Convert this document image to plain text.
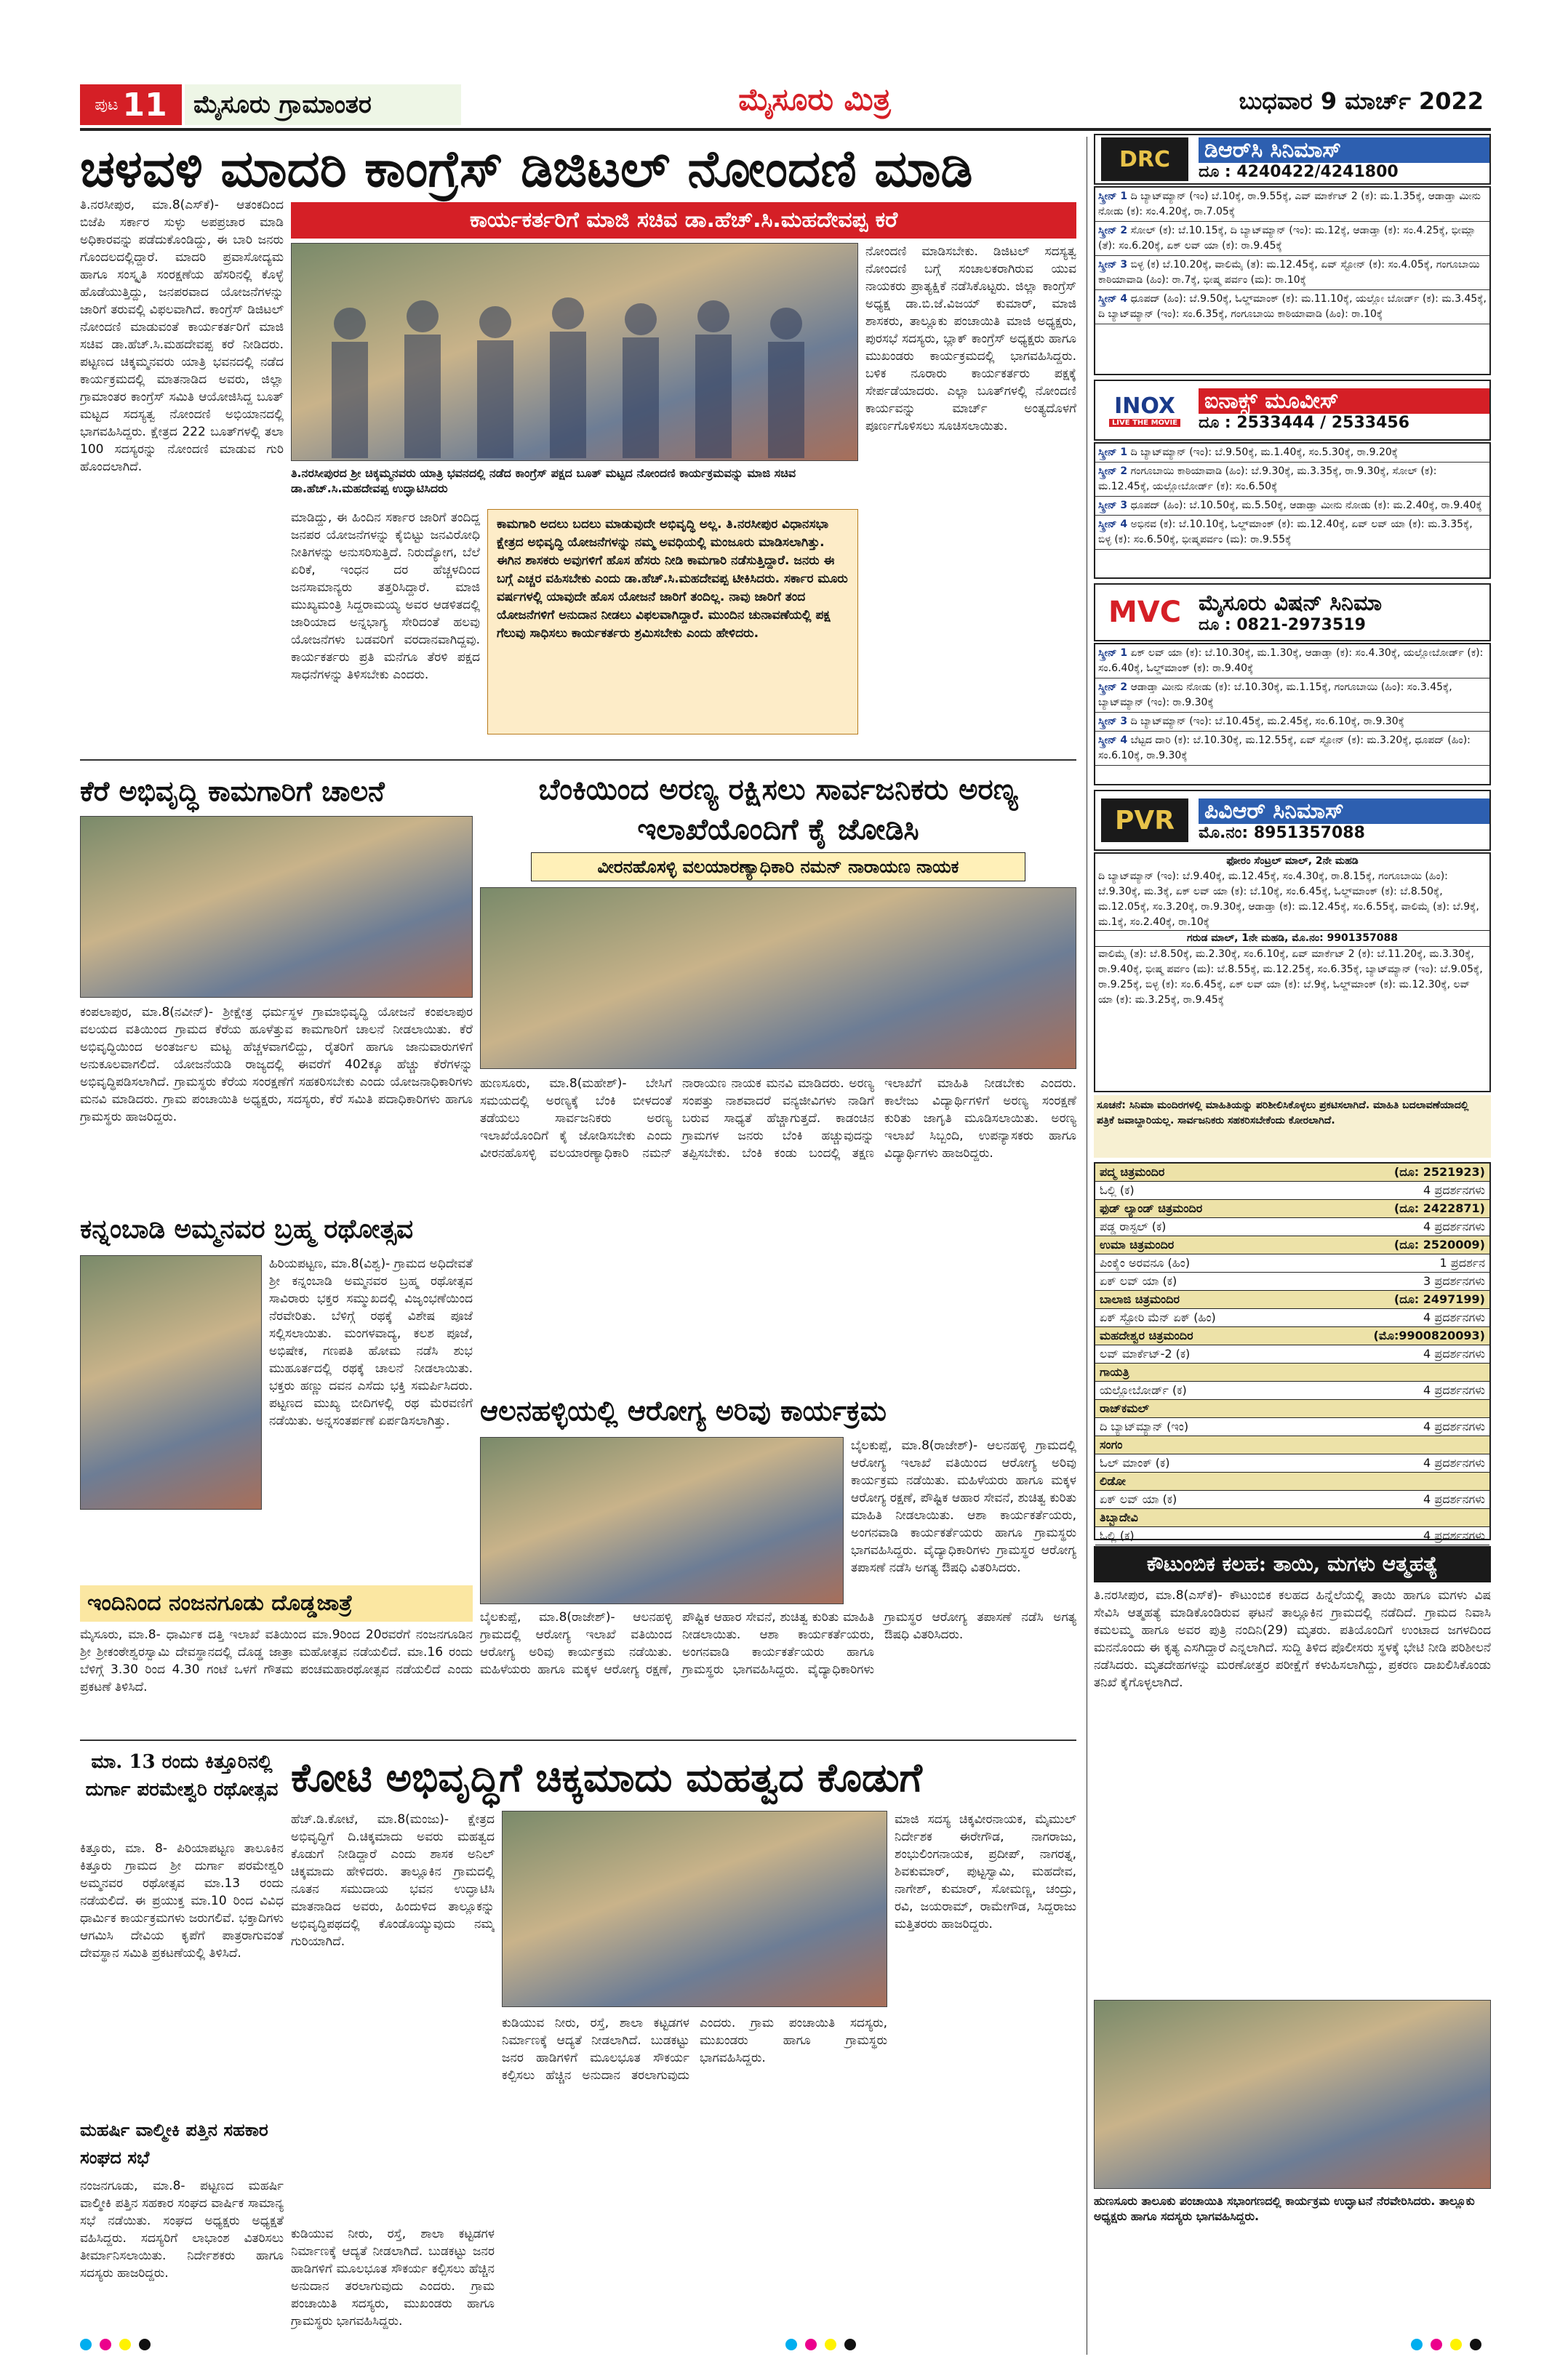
ಪುಟ 11	ಮೈಸೂರು ಗ್ರಾಮಾಂತರ	ಮೈಸೂರು ಮಿತ್ರ	ಬುಧವಾರ 9 ಮಾರ್ಚ್ 2022
ಚಳವಳಿ ಮಾದರಿ ಕಾಂಗ್ರೆಸ್ ಡಿಜಿಟಲ್ ನೋಂದಣಿ ಮಾಡಿ
ಕಾರ್ಯಕರ್ತರಿಗೆ ಮಾಜಿ ಸಚಿವ ಡಾ.ಹೆಚ್.ಸಿ.ಮಹದೇವಪ್ಪ ಕರೆ
ತಿ.ನರಸೀಪುರ, ಮಾ.8(ಎಸ್‌ಕೆ)- ಆತಂಕದಿಂದ ಬಿಜೆಪಿ ಸರ್ಕಾರ ಸುಳ್ಳು ಅಪಪ್ರಚಾರ ಮಾಡಿ ಅಧಿಕಾರವನ್ನು ಪಡೆದುಕೊಂಡಿದ್ದು, ಈ ಬಾರಿ ಜನರು ಗೊಂದಲದಲ್ಲಿದ್ದಾರೆ. ಮಾದರಿ ಪ್ರವಾಸೋದ್ಯಮ ಹಾಗೂ ಸಂಸ್ಕೃತಿ ಸಂರಕ್ಷಣೆಯ ಹೆಸರಿನಲ್ಲಿ ಕೊಳ್ಳೆ ಹೊಡೆಯುತ್ತಿದ್ದು, ಜನಪರವಾದ ಯೋಜನೆಗಳನ್ನು ಜಾರಿಗೆ ತರುವಲ್ಲಿ ವಿಫಲವಾಗಿದೆ. ಕಾಂಗ್ರೆಸ್ ಡಿಜಿಟಲ್ ನೋಂದಣಿ ಮಾಡುವಂತೆ ಕಾರ್ಯಕರ್ತರಿಗೆ ಮಾಜಿ ಸಚಿವ ಡಾ.ಹೆಚ್.ಸಿ.ಮಹದೇವಪ್ಪ ಕರೆ ನೀಡಿದರು. ಪಟ್ಟಣದ ಚಿಕ್ಕಮ್ಮನವರು ಯಾತ್ರಿ ಭವನದಲ್ಲಿ ನಡೆದ ಕಾರ್ಯಕ್ರಮದಲ್ಲಿ ಮಾತನಾಡಿದ ಅವರು, ಜಿಲ್ಲಾ ಗ್ರಾಮಾಂತರ ಕಾಂಗ್ರೆಸ್ ಸಮಿತಿ ಆಯೋಜಿಸಿದ್ದ ಬೂತ್ ಮಟ್ಟದ ಸದಸ್ಯತ್ವ ನೋಂದಣಿ ಅಭಿಯಾನದಲ್ಲಿ ಭಾಗವಹಿಸಿದ್ದರು. ಕ್ಷೇತ್ರದ 222 ಬೂತ್‌ಗಳಲ್ಲಿ ತಲಾ 100 ಸದಸ್ಯರನ್ನು ನೋಂದಣಿ ಮಾಡುವ ಗುರಿ ಹೊಂದಲಾಗಿದೆ.
ನೋಂದಣಿ ಮಾಡಿಸಬೇಕು. ಡಿಜಿಟಲ್ ಸದಸ್ಯತ್ವ ನೋಂದಣಿ ಬಗ್ಗೆ ಸಂಚಾಲಕರಾಗಿರುವ ಯುವ ನಾಯಕರು ಪ್ರಾತ್ಯಕ್ಷಿಕೆ ನಡೆಸಿಕೊಟ್ಟರು. ಜಿಲ್ಲಾ ಕಾಂಗ್ರೆಸ್ ಅಧ್ಯಕ್ಷ ಡಾ.ಬಿ.ಜೆ.ವಿಜಯ್ ಕುಮಾರ್, ಮಾಜಿ ಶಾಸಕರು, ತಾಲ್ಲೂಕು ಪಂಚಾಯಿತಿ ಮಾಜಿ ಅಧ್ಯಕ್ಷರು, ಪುರಸಭೆ ಸದಸ್ಯರು, ಬ್ಲಾಕ್ ಕಾಂಗ್ರೆಸ್ ಅಧ್ಯಕ್ಷರು ಹಾಗೂ ಮುಖಂಡರು ಕಾರ್ಯಕ್ರಮದಲ್ಲಿ ಭಾಗವಹಿಸಿದ್ದರು. ಬಳಿಕ ನೂರಾರು ಕಾರ್ಯಕರ್ತರು ಪಕ್ಷಕ್ಕೆ ಸೇರ್ಪಡೆಯಾದರು. ಎಲ್ಲಾ ಬೂತ್‌ಗಳಲ್ಲಿ ನೋಂದಣಿ ಕಾರ್ಯವನ್ನು ಮಾರ್ಚ್ ಅಂತ್ಯದೊಳಗೆ ಪೂರ್ಣಗೊಳಿಸಲು ಸೂಚಿಸಲಾಯಿತು.
ತಿ.ನರಸೀಪುರದ ಶ್ರೀ ಚಿಕ್ಕಮ್ಮನವರು ಯಾತ್ರಿ ಭವನದಲ್ಲಿ ನಡೆದ ಕಾಂಗ್ರೆಸ್ ಪಕ್ಷದ ಬೂತ್ ಮಟ್ಟದ ನೋಂದಣಿ ಕಾರ್ಯಕ್ರಮವನ್ನು ಮಾಜಿ ಸಚಿವ ಡಾ.ಹೆಚ್.ಸಿ.ಮಹದೇವಪ್ಪ ಉದ್ಘಾಟಿಸಿದರು
ಮಾಡಿದ್ದು, ಈ ಹಿಂದಿನ ಸರ್ಕಾರ ಜಾರಿಗೆ ತಂದಿದ್ದ ಜನಪರ ಯೋಜನೆಗಳನ್ನು ಕೈಬಿಟ್ಟು ಜನವಿರೋಧಿ ನೀತಿಗಳನ್ನು ಅನುಸರಿಸುತ್ತಿದೆ. ನಿರುದ್ಯೋಗ, ಬೆಲೆ ಏರಿಕೆ, ಇಂಧನ ದರ ಹೆಚ್ಚಳದಿಂದ ಜನಸಾಮಾನ್ಯರು ತತ್ತರಿಸಿದ್ದಾರೆ. ಮಾಜಿ ಮುಖ್ಯಮಂತ್ರಿ ಸಿದ್ದರಾಮಯ್ಯ ಅವರ ಆಡಳಿತದಲ್ಲಿ ಜಾರಿಯಾದ ಅನ್ನಭಾಗ್ಯ ಸೇರಿದಂತೆ ಹಲವು ಯೋಜನೆಗಳು ಬಡವರಿಗೆ ವರದಾನವಾಗಿದ್ದವು. ಕಾರ್ಯಕರ್ತರು ಪ್ರತಿ ಮನೆಗೂ ತೆರಳಿ ಪಕ್ಷದ ಸಾಧನೆಗಳನ್ನು ತಿಳಿಸಬೇಕು ಎಂದರು.
ಕಾಮಗಾರಿ ಅದಲು ಬದಲು ಮಾಡುವುದೇ ಅಭಿವೃದ್ಧಿ ಅಲ್ಲ. ತಿ.ನರಸೀಪುರ ವಿಧಾನಸಭಾ ಕ್ಷೇತ್ರದ ಅಭಿವೃದ್ಧಿ ಯೋಜನೆಗಳನ್ನು ನಮ್ಮ ಅವಧಿಯಲ್ಲಿ ಮಂಜೂರು ಮಾಡಿಸಲಾಗಿತ್ತು. ಈಗಿನ ಶಾಸಕರು ಅವುಗಳಿಗೆ ಹೊಸ ಹೆಸರು ನೀಡಿ ಕಾಮಗಾರಿ ನಡೆಸುತ್ತಿದ್ದಾರೆ. ಜನರು ಈ ಬಗ್ಗೆ ಎಚ್ಚರ ವಹಿಸಬೇಕು ಎಂದು ಡಾ.ಹೆಚ್.ಸಿ.ಮಹದೇವಪ್ಪ ಟೀಕಿಸಿದರು. ಸರ್ಕಾರ ಮೂರು ವರ್ಷಗಳಲ್ಲಿ ಯಾವುದೇ ಹೊಸ ಯೋಜನೆ ಜಾರಿಗೆ ತಂದಿಲ್ಲ. ನಾವು ಜಾರಿಗೆ ತಂದ ಯೋಜನೆಗಳಿಗೆ ಅನುದಾನ ನೀಡಲು ವಿಫಲವಾಗಿದ್ದಾರೆ. ಮುಂದಿನ ಚುನಾವಣೆಯಲ್ಲಿ ಪಕ್ಷ ಗೆಲುವು ಸಾಧಿಸಲು ಕಾರ್ಯಕರ್ತರು ಶ್ರಮಿಸಬೇಕು ಎಂದು ಹೇಳಿದರು.
ಕೆರೆ ಅಭಿವೃದ್ಧಿ ಕಾಮಗಾರಿಗೆ ಚಾಲನೆ
ಕಂಪಲಾಪುರ, ಮಾ.8(ನವೀನ್)- ಶ್ರೀಕ್ಷೇತ್ರ ಧರ್ಮಸ್ಥಳ ಗ್ರಾಮಾಭಿವೃದ್ಧಿ ಯೋಜನೆ ಕಂಪಲಾಪುರ ವಲಯದ ವತಿಯಿಂದ ಗ್ರಾಮದ ಕೆರೆಯ ಹೂಳೆತ್ತುವ ಕಾಮಗಾರಿಗೆ ಚಾಲನೆ ನೀಡಲಾಯಿತು. ಕೆರೆ ಅಭಿವೃದ್ಧಿಯಿಂದ ಅಂತರ್ಜಲ ಮಟ್ಟ ಹೆಚ್ಚಳವಾಗಲಿದ್ದು, ರೈತರಿಗೆ ಹಾಗೂ ಜಾನುವಾರುಗಳಿಗೆ ಅನುಕೂಲವಾಗಲಿದೆ. ಯೋಜನೆಯಡಿ ರಾಜ್ಯದಲ್ಲಿ ಈವರೆಗೆ 402ಕ್ಕೂ ಹೆಚ್ಚು ಕೆರೆಗಳನ್ನು ಅಭಿವೃದ್ಧಿಪಡಿಸಲಾಗಿದೆ. ಗ್ರಾಮಸ್ಥರು ಕೆರೆಯ ಸಂರಕ್ಷಣೆಗೆ ಸಹಕರಿಸಬೇಕು ಎಂದು ಯೋಜನಾಧಿಕಾರಿಗಳು ಮನವಿ ಮಾಡಿದರು. ಗ್ರಾಮ ಪಂಚಾಯಿತಿ ಅಧ್ಯಕ್ಷರು, ಸದಸ್ಯರು, ಕೆರೆ ಸಮಿತಿ ಪದಾಧಿಕಾರಿಗಳು ಹಾಗೂ ಗ್ರಾಮಸ್ಥರು ಹಾಜರಿದ್ದರು.
ಬೆಂಕಿಯಿಂದ ಅರಣ್ಯ ರಕ್ಷಿಸಲು ಸಾರ್ವಜನಿಕರು ಅರಣ್ಯ ಇಲಾಖೆಯೊಂದಿಗೆ ಕೈ ಜೋಡಿಸಿ
ವೀರನಹೊಸಳ್ಳಿ ವಲಯಾರಣ್ಯಾಧಿಕಾರಿ ನಮನ್ ನಾರಾಯಣ ನಾಯಕ
ಹುಣಸೂರು, ಮಾ.8(ಮಹೇಶ್)- ಬೇಸಿಗೆ ಸಮಯದಲ್ಲಿ ಅರಣ್ಯಕ್ಕೆ ಬೆಂಕಿ ಬೀಳದಂತೆ ತಡೆಯಲು ಸಾರ್ವಜನಿಕರು ಅರಣ್ಯ ಇಲಾಖೆಯೊಂದಿಗೆ ಕೈ ಜೋಡಿಸಬೇಕು ಎಂದು ವೀರನಹೊಸಳ್ಳಿ ವಲಯಾರಣ್ಯಾಧಿಕಾರಿ ನಮನ್ ನಾರಾಯಣ ನಾಯಕ ಮನವಿ ಮಾಡಿದರು. ಅರಣ್ಯ ಸಂಪತ್ತು ನಾಶವಾದರೆ ವನ್ಯಜೀವಿಗಳು ನಾಡಿಗೆ ಬರುವ ಸಾಧ್ಯತೆ ಹೆಚ್ಚಾಗುತ್ತದೆ. ಕಾಡಂಚಿನ ಗ್ರಾಮಗಳ ಜನರು ಬೆಂಕಿ ಹಚ್ಚುವುದನ್ನು ತಪ್ಪಿಸಬೇಕು. ಬೆಂಕಿ ಕಂಡು ಬಂದಲ್ಲಿ ತಕ್ಷಣ ಇಲಾಖೆಗೆ ಮಾಹಿತಿ ನೀಡಬೇಕು ಎಂದರು. ಕಾಲೇಜು ವಿದ್ಯಾರ್ಥಿಗಳಿಗೆ ಅರಣ್ಯ ಸಂರಕ್ಷಣೆ ಕುರಿತು ಜಾಗೃತಿ ಮೂಡಿಸಲಾಯಿತು. ಅರಣ್ಯ ಇಲಾಖೆ ಸಿಬ್ಬಂದಿ, ಉಪನ್ಯಾಸಕರು ಹಾಗೂ ವಿದ್ಯಾರ್ಥಿಗಳು ಹಾಜರಿದ್ದರು.
ಕನ್ನಂಬಾಡಿ ಅಮ್ಮನವರ ಬ್ರಹ್ಮ ರಥೋತ್ಸವ
ಹಿರಿಯಪಟ್ಟಣ, ಮಾ.8(ವಿಶ್ವ)- ಗ್ರಾಮದ ಅಧಿದೇವತೆ ಶ್ರೀ ಕನ್ನಂಬಾಡಿ ಅಮ್ಮನವರ ಬ್ರಹ್ಮ ರಥೋತ್ಸವ ಸಾವಿರಾರು ಭಕ್ತರ ಸಮ್ಮುಖದಲ್ಲಿ ವಿಜೃಂಭಣೆಯಿಂದ ನೆರವೇರಿತು. ಬೆಳಿಗ್ಗೆ ರಥಕ್ಕೆ ವಿಶೇಷ ಪೂಜೆ ಸಲ್ಲಿಸಲಾಯಿತು. ಮಂಗಳವಾದ್ಯ, ಕಲಶ ಪೂಜೆ, ಅಭಿಷೇಕ, ಗಣಪತಿ ಹೋಮ ನಡೆಸಿ ಶುಭ ಮುಹೂರ್ತದಲ್ಲಿ ರಥಕ್ಕೆ ಚಾಲನೆ ನೀಡಲಾಯಿತು. ಭಕ್ತರು ಹಣ್ಣು ದವನ ಎಸೆದು ಭಕ್ತಿ ಸಮರ್ಪಿಸಿದರು. ಪಟ್ಟಣದ ಮುಖ್ಯ ಬೀದಿಗಳಲ್ಲಿ ರಥ ಮೆರವಣಿಗೆ ನಡೆಯಿತು. ಅನ್ನಸಂತರ್ಪಣೆ ಏರ್ಪಡಿಸಲಾಗಿತ್ತು.
ಇಂದಿನಿಂದ ನಂಜನಗೂಡು ದೊಡ್ಡಜಾತ್ರೆ
ಮೈಸೂರು, ಮಾ.8- ಧಾರ್ಮಿಕ ದತ್ತಿ ಇಲಾಖೆ ವತಿಯಿಂದ ಮಾ.9ರಿಂದ 20ರವರೆಗೆ ನಂಜನಗೂಡಿನ ಶ್ರೀ ಶ್ರೀಕಂಠೇಶ್ವರಸ್ವಾಮಿ ದೇವಸ್ಥಾನದಲ್ಲಿ ದೊಡ್ಡ ಜಾತ್ರಾ ಮಹೋತ್ಸವ ನಡೆಯಲಿದೆ. ಮಾ.16 ರಂದು ಬೆಳಿಗ್ಗೆ 3.30 ರಿಂದ 4.30 ಗಂಟೆ ಒಳಗೆ ಗೌತಮ ಪಂಚಮಹಾರಥೋತ್ಸವ ನಡೆಯಲಿದೆ ಎಂದು ಪ್ರಕಟಣೆ ತಿಳಿಸಿದೆ.
ಆಲನಹಳ್ಳಿಯಲ್ಲಿ ಆರೋಗ್ಯ ಅರಿವು ಕಾರ್ಯಕ್ರಮ
ಬೈಲಕುಪ್ಪೆ, ಮಾ.8(ರಾಜೇಶ್)- ಆಲನಹಳ್ಳಿ ಗ್ರಾಮದಲ್ಲಿ ಆರೋಗ್ಯ ಇಲಾಖೆ ವತಿಯಿಂದ ಆರೋಗ್ಯ ಅರಿವು ಕಾರ್ಯಕ್ರಮ ನಡೆಯಿತು. ಮಹಿಳೆಯರು ಹಾಗೂ ಮಕ್ಕಳ ಆರೋಗ್ಯ ರಕ್ಷಣೆ, ಪೌಷ್ಟಿಕ ಆಹಾರ ಸೇವನೆ, ಶುಚಿತ್ವ ಕುರಿತು ಮಾಹಿತಿ ನೀಡಲಾಯಿತು. ಆಶಾ ಕಾರ್ಯಕರ್ತೆಯರು, ಅಂಗನವಾಡಿ ಕಾರ್ಯಕರ್ತೆಯರು ಹಾಗೂ ಗ್ರಾಮಸ್ಥರು ಭಾಗವಹಿಸಿದ್ದರು. ವೈದ್ಯಾಧಿಕಾರಿಗಳು ಗ್ರಾಮಸ್ಥರ ಆರೋಗ್ಯ ತಪಾಸಣೆ ನಡೆಸಿ ಅಗತ್ಯ ಔಷಧಿ ವಿತರಿಸಿದರು.
ಬೈಲಕುಪ್ಪೆ, ಮಾ.8(ರಾಜೇಶ್)- ಆಲನಹಳ್ಳಿ ಗ್ರಾಮದಲ್ಲಿ ಆರೋಗ್ಯ ಇಲಾಖೆ ವತಿಯಿಂದ ಆರೋಗ್ಯ ಅರಿವು ಕಾರ್ಯಕ್ರಮ ನಡೆಯಿತು. ಮಹಿಳೆಯರು ಹಾಗೂ ಮಕ್ಕಳ ಆರೋಗ್ಯ ರಕ್ಷಣೆ, ಪೌಷ್ಟಿಕ ಆಹಾರ ಸೇವನೆ, ಶುಚಿತ್ವ ಕುರಿತು ಮಾಹಿತಿ ನೀಡಲಾಯಿತು. ಆಶಾ ಕಾರ್ಯಕರ್ತೆಯರು, ಅಂಗನವಾಡಿ ಕಾರ್ಯಕರ್ತೆಯರು ಹಾಗೂ ಗ್ರಾಮಸ್ಥರು ಭಾಗವಹಿಸಿದ್ದರು. ವೈದ್ಯಾಧಿಕಾರಿಗಳು ಗ್ರಾಮಸ್ಥರ ಆರೋಗ್ಯ ತಪಾಸಣೆ ನಡೆಸಿ ಅಗತ್ಯ ಔಷಧಿ ವಿತರಿಸಿದರು.
ಮಾ. 13 ರಂದು ಕಿತ್ತೂರಿನಲ್ಲಿ ದುರ್ಗಾ ಪರಮೇಶ್ವರಿ ರಥೋತ್ಸವ
ಕಿತ್ತೂರು, ಮಾ. 8- ಪಿರಿಯಾಪಟ್ಟಣ ತಾಲೂಕಿನ ಕಿತ್ತೂರು ಗ್ರಾಮದ ಶ್ರೀ ದುರ್ಗಾ ಪರಮೇಶ್ವರಿ ಅಮ್ಮನವರ ರಥೋತ್ಸವ ಮಾ.13 ರಂದು ನಡೆಯಲಿದೆ. ಈ ಪ್ರಯುಕ್ತ ಮಾ.10 ರಿಂದ ವಿವಿಧ ಧಾರ್ಮಿಕ ಕಾರ್ಯಕ್ರಮಗಳು ಜರುಗಲಿವೆ. ಭಕ್ತಾದಿಗಳು ಆಗಮಿಸಿ ದೇವಿಯ ಕೃಪೆಗೆ ಪಾತ್ರರಾಗುವಂತೆ ದೇವಸ್ಥಾನ ಸಮಿತಿ ಪ್ರಕಟಣೆಯಲ್ಲಿ ತಿಳಿಸಿದೆ.
ಮಹರ್ಷಿ ವಾಲ್ಮೀಕಿ ಪತ್ತಿನ ಸಹಕಾರ ಸಂಘದ ಸಭೆ
ನಂಜನಗೂಡು, ಮಾ.8- ಪಟ್ಟಣದ ಮಹರ್ಷಿ ವಾಲ್ಮೀಕಿ ಪತ್ತಿನ ಸಹಕಾರ ಸಂಘದ ವಾರ್ಷಿಕ ಸಾಮಾನ್ಯ ಸಭೆ ನಡೆಯಿತು. ಸಂಘದ ಅಧ್ಯಕ್ಷರು ಅಧ್ಯಕ್ಷತೆ ವಹಿಸಿದ್ದರು. ಸದಸ್ಯರಿಗೆ ಲಾಭಾಂಶ ವಿತರಿಸಲು ತೀರ್ಮಾನಿಸಲಾಯಿತು. ನಿರ್ದೇಶಕರು ಹಾಗೂ ಸದಸ್ಯರು ಹಾಜರಿದ್ದರು.
ಕೋಟಿ ಅಭಿವೃದ್ಧಿಗೆ ಚಿಕ್ಕಮಾದು ಮಹತ್ವದ ಕೊಡುಗೆ
ಹೆಚ್.ಡಿ.ಕೋಟೆ, ಮಾ.8(ಮಂಜು)- ಕ್ಷೇತ್ರದ ಅಭಿವೃದ್ಧಿಗೆ ದಿ.ಚಿಕ್ಕಮಾದು ಅವರು ಮಹತ್ವದ ಕೊಡುಗೆ ನೀಡಿದ್ದಾರೆ ಎಂದು ಶಾಸಕ ಅನಿಲ್ ಚಿಕ್ಕಮಾದು ಹೇಳಿದರು. ತಾಲ್ಲೂಕಿನ ಗ್ರಾಮದಲ್ಲಿ ನೂತನ ಸಮುದಾಯ ಭವನ ಉದ್ಘಾಟಿಸಿ ಮಾತನಾಡಿದ ಅವರು, ಹಿಂದುಳಿದ ತಾಲ್ಲೂಕನ್ನು ಅಭಿವೃದ್ಧಿಪಥದಲ್ಲಿ ಕೊಂಡೊಯ್ಯುವುದು ನಮ್ಮ ಗುರಿಯಾಗಿದೆ.
ಮಾಜಿ ಸದಸ್ಯ ಚಿಕ್ಕವೀರನಾಯಕ, ಮೈಮುಲ್ ನಿರ್ದೇಶಕ ಈರೇಗೌಡ, ನಾಗರಾಜು, ಶಂಭುಲಿಂಗನಾಯಕ, ಪ್ರದೀಪ್, ನಾಗರತ್ನ, ಶಿವಕುಮಾರ್, ಪುಟ್ಟಸ್ವಾಮಿ, ಮಹದೇವ, ನಾಗೇಶ್, ಕುಮಾರ್, ಸೋಮಣ್ಣ, ಚಂದ್ರು, ರವಿ, ಜಯರಾಮ್, ರಾಮೇಗೌಡ, ಸಿದ್ದರಾಜು ಮತ್ತಿತರರು ಹಾಜರಿದ್ದರು.
ಕುಡಿಯುವ ನೀರು, ರಸ್ತೆ, ಶಾಲಾ ಕಟ್ಟಡಗಳ ನಿರ್ಮಾಣಕ್ಕೆ ಆದ್ಯತೆ ನೀಡಲಾಗಿದೆ. ಬುಡಕಟ್ಟು ಜನರ ಹಾಡಿಗಳಿಗೆ ಮೂಲಭೂತ ಸೌಕರ್ಯ ಕಲ್ಪಿಸಲು ಹೆಚ್ಚಿನ ಅನುದಾನ ತರಲಾಗುವುದು ಎಂದರು. ಗ್ರಾಮ ಪಂಚಾಯಿತಿ ಸದಸ್ಯರು, ಮುಖಂಡರು ಹಾಗೂ ಗ್ರಾಮಸ್ಥರು ಭಾಗವಹಿಸಿದ್ದರು.
ಕುಡಿಯುವ ನೀರು, ರಸ್ತೆ, ಶಾಲಾ ಕಟ್ಟಡಗಳ ನಿರ್ಮಾಣಕ್ಕೆ ಆದ್ಯತೆ ನೀಡಲಾಗಿದೆ. ಬುಡಕಟ್ಟು ಜನರ ಹಾಡಿಗಳಿಗೆ ಮೂಲಭೂತ ಸೌಕರ್ಯ ಕಲ್ಪಿಸಲು ಹೆಚ್ಚಿನ ಅನುದಾನ ತರಲಾಗುವುದು ಎಂದರು. ಗ್ರಾಮ ಪಂಚಾಯಿತಿ ಸದಸ್ಯರು, ಮುಖಂಡರು ಹಾಗೂ ಗ್ರಾಮಸ್ಥರು ಭಾಗವಹಿಸಿದ್ದರು.
DRC	ಡಿಆರ್‌ಸಿ ಸಿನಿಮಾಸ್
ದೂ : 4240422/4241800
ಸ್ಕ್ರೀನ್ 1 ದಿ ಬ್ಯಾಟ್‌ಮ್ಯಾನ್ (ಇಂ) ಬೆ.10ಕ್ಕೆ, ರಾ.9.55ಕ್ಕೆ, ಎವ್ ಮಾರ್ಕೆಟ್ 2 (ಕ): ಮ.1.35ಕ್ಕೆ, ಆಡಾಡ್ತಾ ಮೀನು ನೋಡು (ಕ): ಸಂ.4.20ಕ್ಕೆ, ರಾ.7.05ಕ್ಕೆ
ಸ್ಕ್ರೀನ್ 2 ಸೋಲ್ (ಕ): ಬೆ.10.15ಕ್ಕೆ, ದಿ ಬ್ಯಾಟ್‌ಮ್ಯಾನ್ (ಇಂ): ಮ.12ಕ್ಕೆ, ಆಡಾಡ್ತಾ (ಕ): ಸಂ.4.25ಕ್ಕೆ, ಭೀಮ್ಲಾ (ತೆ): ಸಂ.6.20ಕ್ಕೆ, ಏಕ್ ಲವ್ ಯಾ (ಕ): ರಾ.9.45ಕ್ಕೆ
ಸ್ಕ್ರೀನ್ 3 ಬಿಳ್ಳ (ಕ) ಬೆ.10.20ಕ್ಕೆ, ವಾಲಿಮೈ (ತ): ಮ.12.45ಕ್ಕೆ, ಏವ್ ಸ್ಟೋನ್‌ (ಕ): ಸಂ.4.05ಕ್ಕೆ, ಗಂಗೂಬಾಯಿ ಕಾಠಿಯಾವಾಡಿ (ಹಿಂ): ರಾ.7ಕ್ಕೆ, ಭೀಷ್ಮ ಪರ್ವಂ (ಮ): ರಾ.10ಕ್ಕೆ
ಸ್ಕ್ರೀನ್ 4 ಧೂಪದ್ (ಹಿಂ): ಬೆ.9.50ಕ್ಕೆ, ಓಲ್ಡ್‌ಮಾಂಕ್ (ಕ): ಮ.11.10ಕ್ಕೆ, ಯಲ್ಲೋ ಬೋರ್ಡ್ (ಕ): ಮ.3.45ಕ್ಕೆ, ದಿ ಬ್ಯಾಟ್‌ಮ್ಯಾನ್ (ಇಂ): ಸಂ.6.35ಕ್ಕೆ, ಗಂಗೂಬಾಯಿ ಕಾಠಿಯಾವಾಡಿ (ಹಿಂ): ರಾ.10ಕ್ಕೆ
INOX
LIVE THE MOVIE
ಐನಾಕ್ಸ್ ಮೂವೀಸ್
ದೂ : 2533444 / 2533456
ಸ್ಕ್ರೀನ್ 1 ದಿ ಬ್ಯಾಟ್‌ಮ್ಯಾನ್ (ಇಂ): ಬೆ.9.50ಕ್ಕೆ, ಮ.1.40ಕ್ಕೆ, ಸಂ.5.30ಕ್ಕೆ, ರಾ.9.20ಕ್ಕೆ
ಸ್ಕ್ರೀನ್ 2 ಗಂಗೂಬಾಯಿ ಕಾಠಿಯಾವಾಡಿ (ಹಿಂ): ಬೆ.9.30ಕ್ಕೆ, ಮ.3.35ಕ್ಕೆ, ರಾ.9.30ಕ್ಕೆ, ಸೋಲ್ (ಕ): ಮ.12.45ಕ್ಕೆ, ಯಲ್ಲೋಬೋರ್ಡ್ (ಕ): ಸಂ.6.50ಕ್ಕೆ
ಸ್ಕ್ರೀನ್ 3 ಧೂಪದ್ (ಹಿಂ): ಬೆ.10.50ಕ್ಕೆ, ಮ.5.50ಕ್ಕೆ, ಆಡಾಡ್ತಾ ಮೀನು ನೋಡು (ಕ): ಮ.2.40ಕ್ಕೆ, ರಾ.9.40ಕ್ಕೆ
ಸ್ಕ್ರೀನ್ 4 ಅಭಿನವ (ಕ): ಬೆ.10.10ಕ್ಕೆ, ಓಲ್ಡ್‌ಮಾಂಕ್ (ಕ): ಮ.12.40ಕ್ಕೆ, ಏವ್ ಲವ್ ಯಾ (ಕ): ಮ.3.35ಕ್ಕೆ, ಬಿಳ್ಳ (ಕ): ಸಂ.6.50ಕ್ಕೆ, ಭೀಷ್ಮಪರ್ವಂ (ಮ): ರಾ.9.55ಕ್ಕೆ
MVC ಮೈಸೂರು ವಿಷನ್ ಸಿನಿಮಾ
ದೂ : 0821-2973519
ಸ್ಕ್ರೀನ್ 1 ಏಕ್ ಲವ್ ಯಾ (ಕ): ಬೆ.10.30ಕ್ಕೆ, ಮ.1.30ಕ್ಕೆ, ಆಡಾಡ್ತಾ (ಕ): ಸಂ.4.30ಕ್ಕೆ, ಯಲ್ಲೋಬೋರ್ಡ್ (ಕ): ಸಂ.6.40ಕ್ಕೆ, ಓಲ್ಡ್‌ಮಾಂಕ್ (ಕ): ರಾ.9.40ಕ್ಕೆ
ಸ್ಕ್ರೀನ್ 2 ಆಡಾಡ್ತಾ ಮೀನು ನೋಡು (ಕ): ಬೆ.10.30ಕ್ಕೆ, ಮ.1.15ಕ್ಕೆ, ಗಂಗೂಬಾಯಿ (ಹಿಂ): ಸಂ.3.45ಕ್ಕೆ, ಬ್ಯಾಟ್‌ಮ್ಯಾನ್ (ಇಂ): ರಾ.9.30ಕ್ಕೆ
ಸ್ಕ್ರೀನ್ 3 ದಿ ಬ್ಯಾಟ್‌ಮ್ಯಾನ್ (ಇಂ): ಬೆ.10.45ಕ್ಕೆ, ಮ.2.45ಕ್ಕೆ, ಸಂ.6.10ಕ್ಕೆ, ರಾ.9.30ಕ್ಕೆ
ಸ್ಕ್ರೀನ್ 4 ಬೆಟ್ಟದ ದಾರಿ (ಕ): ಬೆ.10.30ಕ್ಕೆ, ಮ.12.55ಕ್ಕೆ, ಏವ್ ಸ್ಟೋನ್ (ಕ): ಮ.3.20ಕ್ಕೆ, ಧೂಪದ್ (ಹಿಂ): ಸಂ.6.10ಕ್ಕೆ, ರಾ.9.30ಕ್ಕೆ
PVR	ಪಿವಿಆರ್ ಸಿನಿಮಾಸ್
ಮೊ.ನಂ: 8951357088
ಫೋರಂ ಸೆಂಟ್ರಲ್ ಮಾಲ್, 2ನೇ ಮಹಡಿ
ದಿ ಬ್ಯಾಟ್‌ಮ್ಯಾನ್ (ಇಂ): ಬೆ.9.40ಕ್ಕೆ, ಮ.12.45ಕ್ಕೆ, ಸಂ.4.30ಕ್ಕೆ, ರಾ.8.15ಕ್ಕೆ, ಗಂಗೂಬಾಯಿ (ಹಿಂ): ಬೆ.9.30ಕ್ಕೆ, ಮ.3ಕ್ಕೆ, ಏಕ್ ಲವ್ ಯಾ (ಕ): ಬೆ.10ಕ್ಕೆ, ಸಂ.6.45ಕ್ಕೆ, ಓಲ್ಡ್‌ಮಾಂಕ್ (ಕ): ಬೆ.8.50ಕ್ಕೆ, ಮ.12.05ಕ್ಕೆ, ಸಂ.3.20ಕ್ಕೆ, ರಾ.9.30ಕ್ಕೆ, ಆಡಾಡ್ತಾ (ಕ): ಮ.12.45ಕ್ಕೆ, ಸಂ.6.55ಕ್ಕೆ, ವಾಲಿಮೈ (ತ): ಬೆ.9ಕ್ಕೆ, ಮ.1ಕ್ಕೆ, ಸಂ.2.40ಕ್ಕೆ, ರಾ.10ಕ್ಕೆ
ಗರುಡ ಮಾಲ್, 1ನೇ ಮಹಡಿ, ಮೊ.ನಂ: 9901357088
ವಾಲಿಮೈ (ತ): ಬೆ.8.50ಕ್ಕೆ, ಮ.2.30ಕ್ಕೆ, ಸಂ.6.10ಕ್ಕೆ, ಏವ್ ಮಾರ್ಕೆಟ್ 2 (ಕ): ಬೆ.11.20ಕ್ಕೆ, ಮ.3.30ಕ್ಕೆ, ರಾ.9.40ಕ್ಕೆ, ಭೀಷ್ಮ ಪರ್ವಂ (ಮ): ಬೆ.8.55ಕ್ಕೆ, ಮ.12.25ಕ್ಕೆ, ಸಂ.6.35ಕ್ಕೆ, ಬ್ಯಾಟ್‌ಮ್ಯಾನ್ (ಇಂ): ಬೆ.9.05ಕ್ಕೆ, ರಾ.9.25ಕ್ಕೆ, ಬಿಳ್ಳ (ಕ): ಸಂ.6.45ಕ್ಕೆ, ಏಕ್ ಲವ್ ಯಾ (ಕ): ಬೆ.9ಕ್ಕೆ, ಓಲ್ಡ್‌ಮಾಂಕ್ (ಕ): ಮ.12.30ಕ್ಕೆ, ಲವ್ ಯಾ (ಕ): ಮ.3.25ಕ್ಕೆ, ರಾ.9.45ಕ್ಕೆ
ಸೂಚನೆ: ಸಿನಿಮಾ ಮಂದಿರಗಳಲ್ಲಿ ಮಾಹಿತಿಯನ್ನು ಪರಿಶೀಲಿಸಿಕೊಳ್ಳಲು ಪ್ರಕಟಿಸಲಾಗಿದೆ. ಮಾಹಿತಿ ಬದಲಾವಣೆಯಾದಲ್ಲಿ ಪತ್ರಿಕೆ ಜವಾಬ್ದಾರಿಯಲ್ಲ. ಸಾರ್ವಜನಿಕರು ಸಹಕರಿಸಬೇಕೆಂದು ಕೋರಲಾಗಿದೆ.
ಪದ್ಮ ಚಿತ್ರಮಂದಿರ	(ದೂ: 2521923)
ಓಲ್ಲಿ (ಕ)	4 ಪ್ರದರ್ಶನಗಳು
ಫುಡ್ ಲ್ಯಾಂಡ್ ಚಿತ್ರಮಂದಿರ	(ದೂ: 2422871)
ಪಡ್ಡ ರಾಸ್ಟಲ್ (ಕ)	4 ಪ್ರದರ್ಶನಗಳು
ಉಮಾ ಚಿತ್ರಮಂದಿರ	(ದೂ: 2520009)
ಪಿಂಕೈಂ ಅರವನೂ (ಹಿಂ)	1 ಪ್ರದರ್ಶನ
ಏಕ್ ಲವ್ ಯಾ (ಕ)	3 ಪ್ರದರ್ಶನಗಳು
ಬಾಲಾಜಿ ಚಿತ್ರಮಂದಿರ	(ದೂ: 2497199)
ಏಕ್ ಸ್ಟೋರಿ ಮೆನ್ ಏಕ್ (ಹಿಂ)	4 ಪ್ರದರ್ಶನಗಳು
ಮಹದೇಶ್ವರ ಚಿತ್ರಮಂದಿರ	(ಮೊ:9900820093)
ಲವ್ ಮಾರ್ಕೆಟ್-2 (ಕ)	4 ಪ್ರದರ್ಶನಗಳು
ಗಾಯತ್ರಿ
ಯಲ್ಲೋಬೋರ್ಡ್ (ಕ)	4 ಪ್ರದರ್ಶನಗಳು
ರಾಜ್‌ಕಮಲ್
ದಿ ಬ್ಯಾಟ್‌ಮ್ಯಾನ್ (ಇಂ)	4 ಪ್ರದರ್ಶನಗಳು
ಸಂಗಂ
ಓಲ್ ಮಾಂಕ್ (ಕ)	4 ಪ್ರದರ್ಶನಗಳು
ಲಿಡೋ
ಏಕ್ ಲವ್ ಯಾ (ಕ)	4 ಪ್ರದರ್ಶನಗಳು
ತಿಬ್ಬಾದೇವಿ
ಓಲ್ಲಿ (ಕ)	4 ಪ್ರದರ್ಶನಗಳು
ಕೌಟುಂಬಿಕ ಕಲಹ: ತಾಯಿ, ಮಗಳು ಆತ್ಮಹತ್ಯೆ
ತಿ.ನರಸೀಪುರ, ಮಾ.8(ಎಸ್‌ಕೆ)- ಕೌಟುಂಬಿಕ ಕಲಹದ ಹಿನ್ನೆಲೆಯಲ್ಲಿ ತಾಯಿ ಹಾಗೂ ಮಗಳು ವಿಷ ಸೇವಿಸಿ ಆತ್ಮಹತ್ಯೆ ಮಾಡಿಕೊಂಡಿರುವ ಘಟನೆ ತಾಲ್ಲೂಕಿನ ಗ್ರಾಮದಲ್ಲಿ ನಡೆದಿದೆ. ಗ್ರಾಮದ ನಿವಾಸಿ ಕಮಲಮ್ಮ ಹಾಗೂ ಅವರ ಪುತ್ರಿ ನಂದಿನಿ(29) ಮೃತರು. ಪತಿಯೊಂದಿಗೆ ಉಂಟಾದ ಜಗಳದಿಂದ ಮನನೊಂದು ಈ ಕೃತ್ಯ ಎಸಗಿದ್ದಾರೆ ಎನ್ನಲಾಗಿದೆ. ಸುದ್ದಿ ತಿಳಿದ ಪೊಲೀಸರು ಸ್ಥಳಕ್ಕೆ ಭೇಟಿ ನೀಡಿ ಪರಿಶೀಲನೆ ನಡೆಸಿದರು. ಮೃತದೇಹಗಳನ್ನು ಮರಣೋತ್ತರ ಪರೀಕ್ಷೆಗೆ ಕಳುಹಿಸಲಾಗಿದ್ದು, ಪ್ರಕರಣ ದಾಖಲಿಸಿಕೊಂಡು ತನಿಖೆ ಕೈಗೊಳ್ಳಲಾಗಿದೆ.
ಹುಣಸೂರು ತಾಲೂಕು ಪಂಚಾಯಿತಿ ಸಭಾಂಗಣದಲ್ಲಿ ಕಾರ್ಯಕ್ರಮ ಉದ್ಘಾಟನೆ ನೆರವೇರಿಸಿದರು. ತಾಲ್ಲೂಕು ಅಧ್ಯಕ್ಷರು ಹಾಗೂ ಸದಸ್ಯರು ಭಾಗವಹಿಸಿದ್ದರು.
